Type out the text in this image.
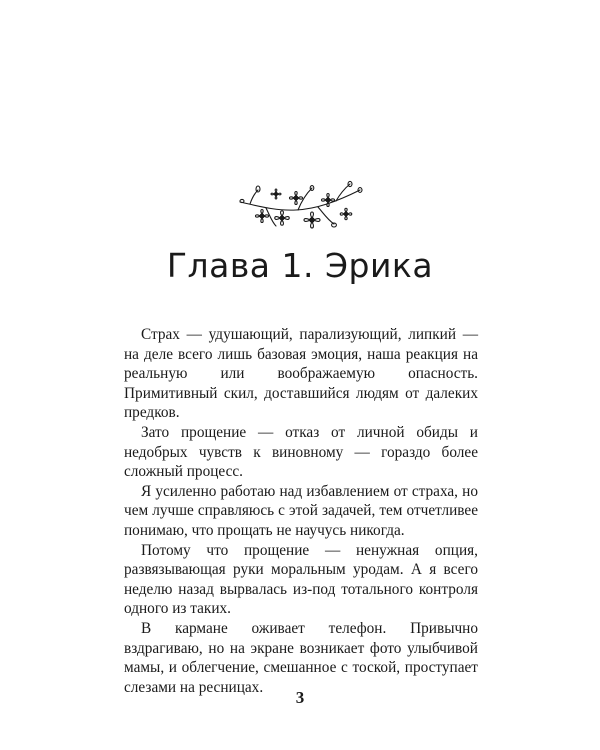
Глава 1. Эрика

Страх — удушающий, парализующий, липкий — на деле всего лишь базовая эмоция, наша реакция на реальную или воображаемую опасность. Примитивный скил, доставшийся людям от далеких предков.

Зато прощение — отказ от личной обиды и недобрых чувств к виновному — гораздо более сложный процесс.

Я усиленно работаю над избавлением от страха, но чем лучше справляюсь с этой задачей, тем отчетливее понимаю, что прощать не научусь никогда.

Потому что прощение — ненужная опция, развязывающая руки моральным уродам. А я всего неделю назад вырвалась из-под тотального контроля одного из таких.

В кармане оживает телефон. Привычно вздрагиваю, но на экране возникает фото улыбчивой мамы, и облегчение, смешанное с тоской, проступает слезами на ресницах.

3
